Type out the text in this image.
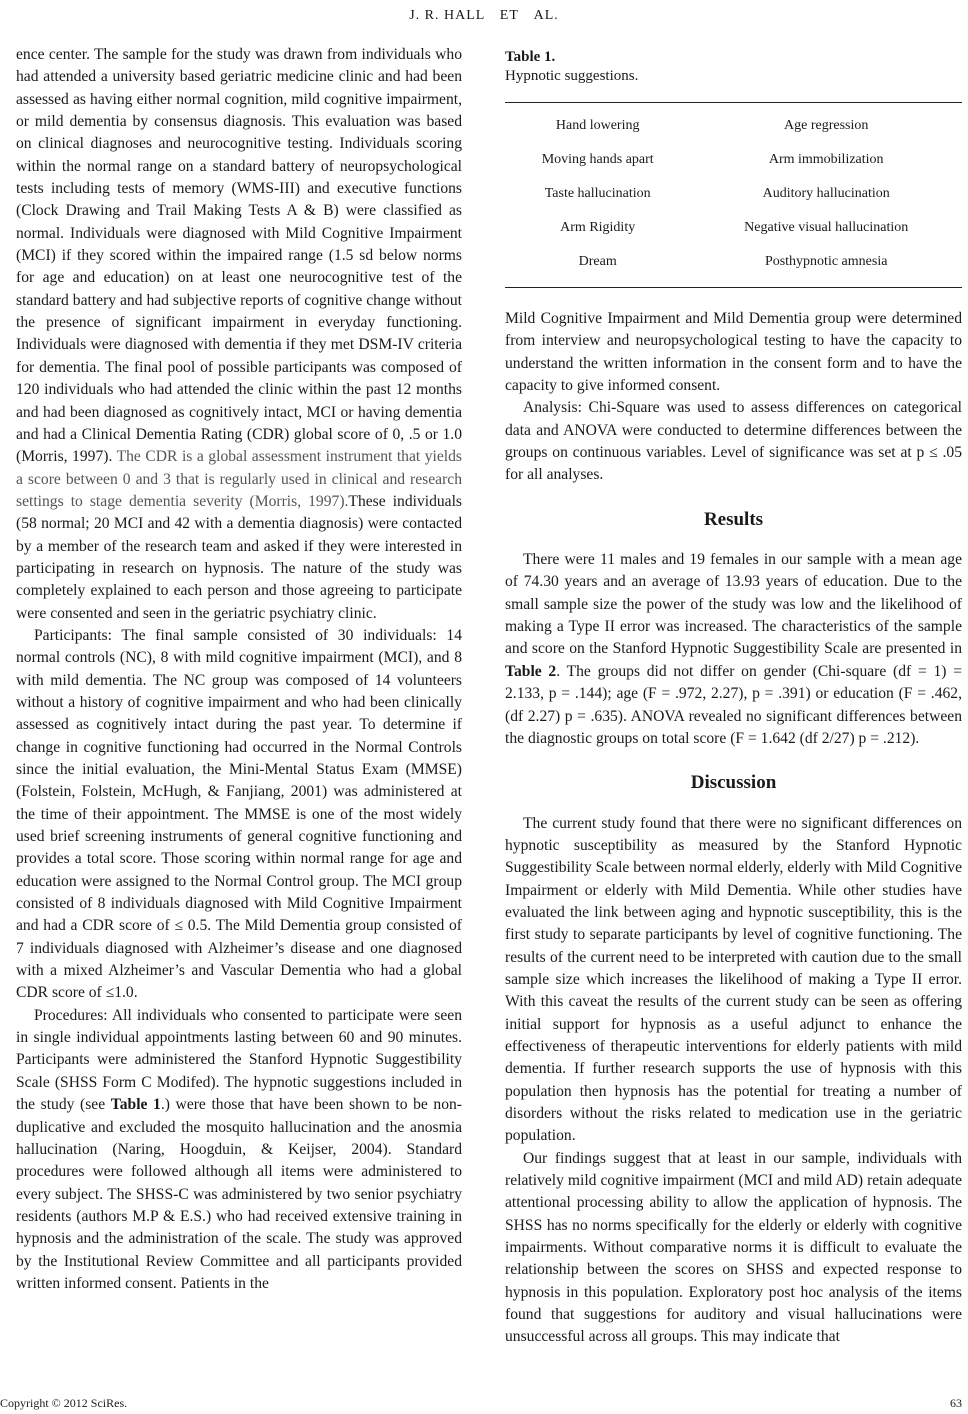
J. R. HALL　ET　AL.

ence center. The sample for the study was drawn from individuals who had attended a university based geriatric medicine clinic and had been assessed as having either normal cognition, mild cognitive impairment, or mild dementia by consensus diagnosis. This evaluation was based on clinical diagnoses and neurocognitive testing. Individuals scoring within the normal range on a standard battery of neuropsychological tests including tests of memory (WMS-III) and executive functions (Clock Drawing and Trail Making Tests A & B) were classified as normal. Individuals were diagnosed with Mild Cognitive Impairment (MCI) if they scored within the impaired range (1.5 sd below norms for age and education) on at least one neurocognitive test of the standard battery and had subjective reports of cognitive change without the presence of significant impairment in everyday functioning. Individuals were diagnosed with dementia if they met DSM-IV criteria for dementia. The final pool of possible participants was composed of 120 individuals who had attended the clinic within the past 12 months and had been diagnosed as cognitively intact, MCI or having dementia and had a Clinical Dementia Rating (CDR) global score of 0, .5 or 1.0 (Morris, 1997). The CDR is a global assessment instrument that yields a score between 0 and 3 that is regularly used in clinical and research settings to stage dementia severity (Morris, 1997).These individuals (58 normal; 20 MCI and 42 with a dementia diagnosis) were contacted by a member of the research team and asked if they were interested in participating in research on hypnosis. The nature of the study was completely explained to each person and those agreeing to participate were consented and seen in the geriatric psychiatry clinic.

Participants: The final sample consisted of 30 individuals: 14 normal controls (NC), 8 with mild cognitive impairment (MCI), and 8 with mild dementia. The NC group was composed of 14 volunteers without a history of cognitive impairment and who had been clinically assessed as cognitively intact during the past year. To determine if change in cognitive functioning had occurred in the Normal Controls since the initial evaluation, the Mini-Mental Status Exam (MMSE) (Folstein, Folstein, McHugh, & Fanjiang, 2001) was administered at the time of their appointment. The MMSE is one of the most widely used brief screening instruments of general cognitive functioning and provides a total score. Those scoring within normal range for age and education were assigned to the Normal Control group. The MCI group consisted of 8 individuals diagnosed with Mild Cognitive Impairment and had a CDR score of ≤ 0.5. The Mild Dementia group consisted of 7 individuals diagnosed with Alzheimer’s disease and one diagnosed with a mixed Alzheimer’s and Vascular Dementia who had a global CDR score of ≤1.0.

Procedures: All individuals who consented to participate were seen in single individual appointments lasting between 60 and 90 minutes. Participants were administered the Stanford Hypnotic Suggestibility Scale (SHSS Form C Modifed). The hypnotic suggestions included in the study (see Table 1.) were those that have been shown to be non-duplicative and excluded the mosquito hallucination and the anosmia hallucination (Naring, Hoogduin, & Keijser, 2004). Standard procedures were followed although all items were administered to every subject. The SHSS-C was administered by two senior psychiatry residents (authors M.P & E.S.) who had received extensive training in hypnosis and the administration of the scale. The study was approved by the Institutional Review Committee and all participants provided written informed consent. Patients in the

Table 1.
Hypnotic suggestions.
Hand lowering	Age regression
Moving hands apart	Arm immobilization
Taste hallucination	Auditory hallucination
Arm Rigidity	Negative visual hallucination
Dream	Posthypnotic amnesia

Mild Cognitive Impairment and Mild Dementia group were determined from interview and neuropsychological testing to have the capacity to understand the written information in the consent form and to have the capacity to give informed consent.

Analysis: Chi-Square was used to assess differences on categorical data and ANOVA were conducted to determine differences between the groups on continuous variables. Level of significance was set at p ≤ .05 for all analyses.

Results

There were 11 males and 19 females in our sample with a mean age of 74.30 years and an average of 13.93 years of education. Due to the small sample size the power of the study was low and the likelihood of making a Type II error was increased. The characteristics of the sample and score on the Stanford Hypnotic Suggestibility Scale are presented in Table 2. The groups did not differ on gender (Chi-square (df = 1) = 2.133, p = .144); age (F = .972, 2.27), p = .391) or education (F = .462, (df 2.27) p = .635). ANOVA revealed no significant differences between the diagnostic groups on total score (F = 1.642 (df 2/27) p = .212).

Discussion

The current study found that there were no significant differences on hypnotic susceptibility as measured by the Stanford Hypnotic Suggestibility Scale between normal elderly, elderly with Mild Cognitive Impairment or elderly with Mild Dementia. While other studies have evaluated the link between aging and hypnotic susceptibility, this is the first study to separate participants by level of cognitive functioning. The results of the current need to be interpreted with caution due to the small sample size which increases the likelihood of making a Type II error. With this caveat the results of the current study can be seen as offering initial support for hypnosis as a useful adjunct to enhance the effectiveness of therapeutic interventions for elderly patients with mild dementia. If further research supports the use of hypnosis with this population then hypnosis has the potential for treating a number of disorders without the risks related to medication use in the geriatric population.

Our findings suggest that at least in our sample, individuals with relatively mild cognitive impairment (MCI and mild AD) retain adequate attentional processing ability to allow the application of hypnosis. The SHSS has no norms specifically for the elderly or elderly with cognitive impairments. Without comparative norms it is difficult to evaluate the relationship between the scores on SHSS and expected response to hypnosis in this population. Exploratory post hoc analysis of the items found that suggestions for auditory and visual hallucinations were unsuccessful across all groups. This may indicate that

Copyright © 2012 SciRes.	63
